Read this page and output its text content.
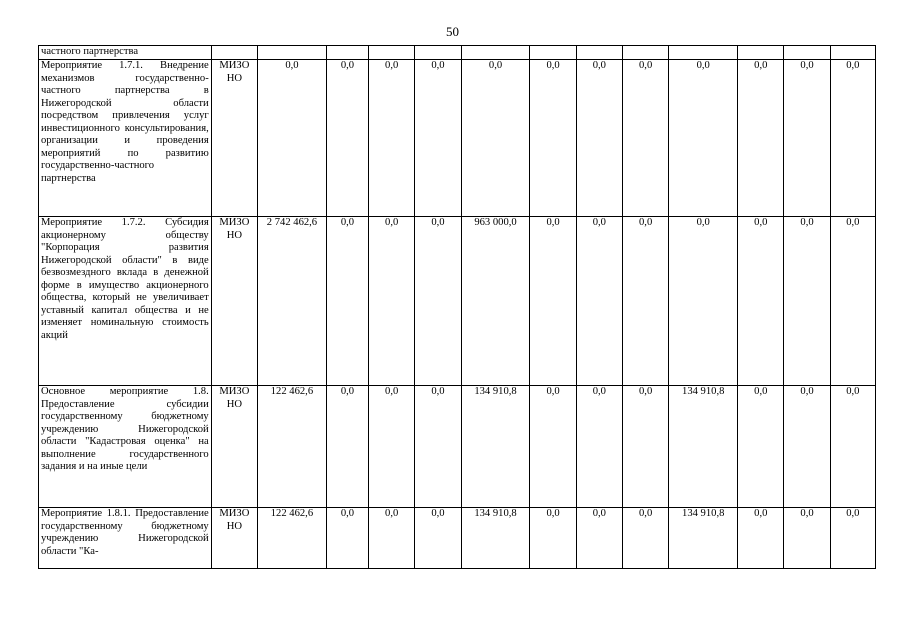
50
частного партнерства													
Мероприятие 1.7.1. Внедрение механизмов государственно-частного партнерства в Нижегородской области посредством привлечения услуг инвестиционного консультирования, организации и проведения мероприятий по развитию государственно-частного партнерства	МИЗО НО	0,0	0,0	0,0	0,0	0,0	0,0	0,0	0,0	0,0	0,0	0,0	0,0
Мероприятие 1.7.2. Субсидия акционерному обществу "Корпорация развития Нижегородской области" в виде безвозмездного вклада в денежной форме в имущество акционерного общества, который не увеличивает уставный капитал общества и не изменяет номинальную стоимость акций	МИЗО НО	2 742 462,6	0,0	0,0	0,0	963 000,0	0,0	0,0	0,0	0,0	0,0	0,0	0,0
Основное мероприятие 1.8. Предоставление субсидии государственному бюджетному учреждению Нижегородской области "Кадастровая оценка" на выполнение государственного задания и на иные цели	МИЗО НО	122 462,6	0,0	0,0	0,0	134 910,8	0,0	0,0	0,0	134 910,8	0,0	0,0	0,0
Мероприятие 1.8.1. Предоставление государственному бюджетному учреждению Нижегородской области "Ка-	МИЗО НО	122 462,6	0,0	0,0	0,0	134 910,8	0,0	0,0	0,0	134 910,8	0,0	0,0	0,0
